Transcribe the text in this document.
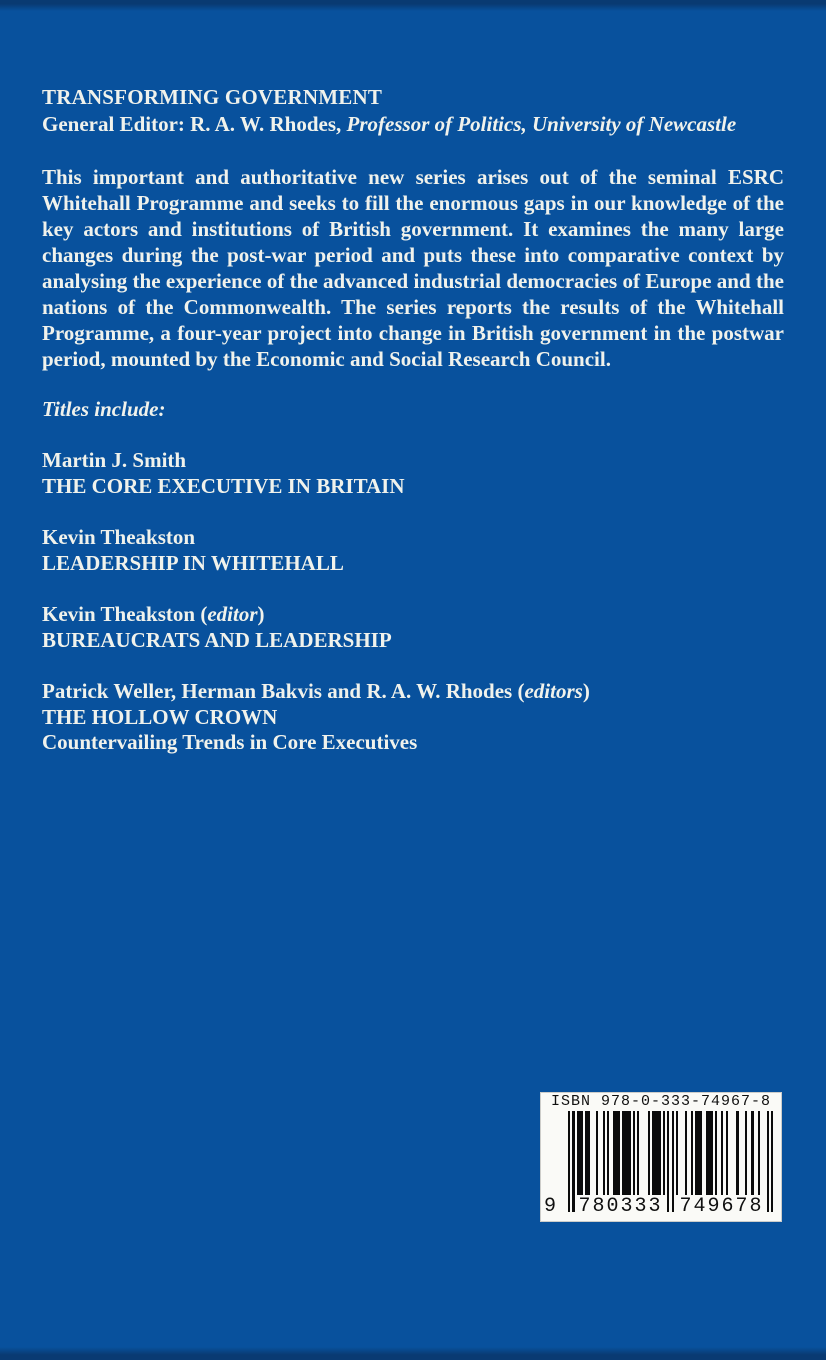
TRANSFORMING GOVERNMENT

General Editor: R. A. W. Rhodes, Professor of Politics, University of Newcastle

This important and authoritative new series arises out of the seminal ESRC Whitehall Programme and seeks to fill the enormous gaps in our knowledge of the key actors and institutions of British government. It examines the many large changes during the post-war period and puts these into comparative context by analysing the experience of the advanced industrial democracies of Europe and the nations of the Commonwealth. The series reports the results of the Whitehall Programme, a four-year project into change in British government in the postwar period, mounted by the Economic and Social Research Council.

Titles include:

Martin J. Smith

THE CORE EXECUTIVE IN BRITAIN

Kevin Theakston

LEADERSHIP IN WHITEHALL

Kevin Theakston (editor)

BUREAUCRATS AND LEADERSHIP

Patrick Weller, Herman Bakvis and R. A. W. Rhodes (editors)

THE HOLLOW CROWN

Countervailing Trends in Core Executives

ISBN 978-0-333-74967-8
9 780333 749678
